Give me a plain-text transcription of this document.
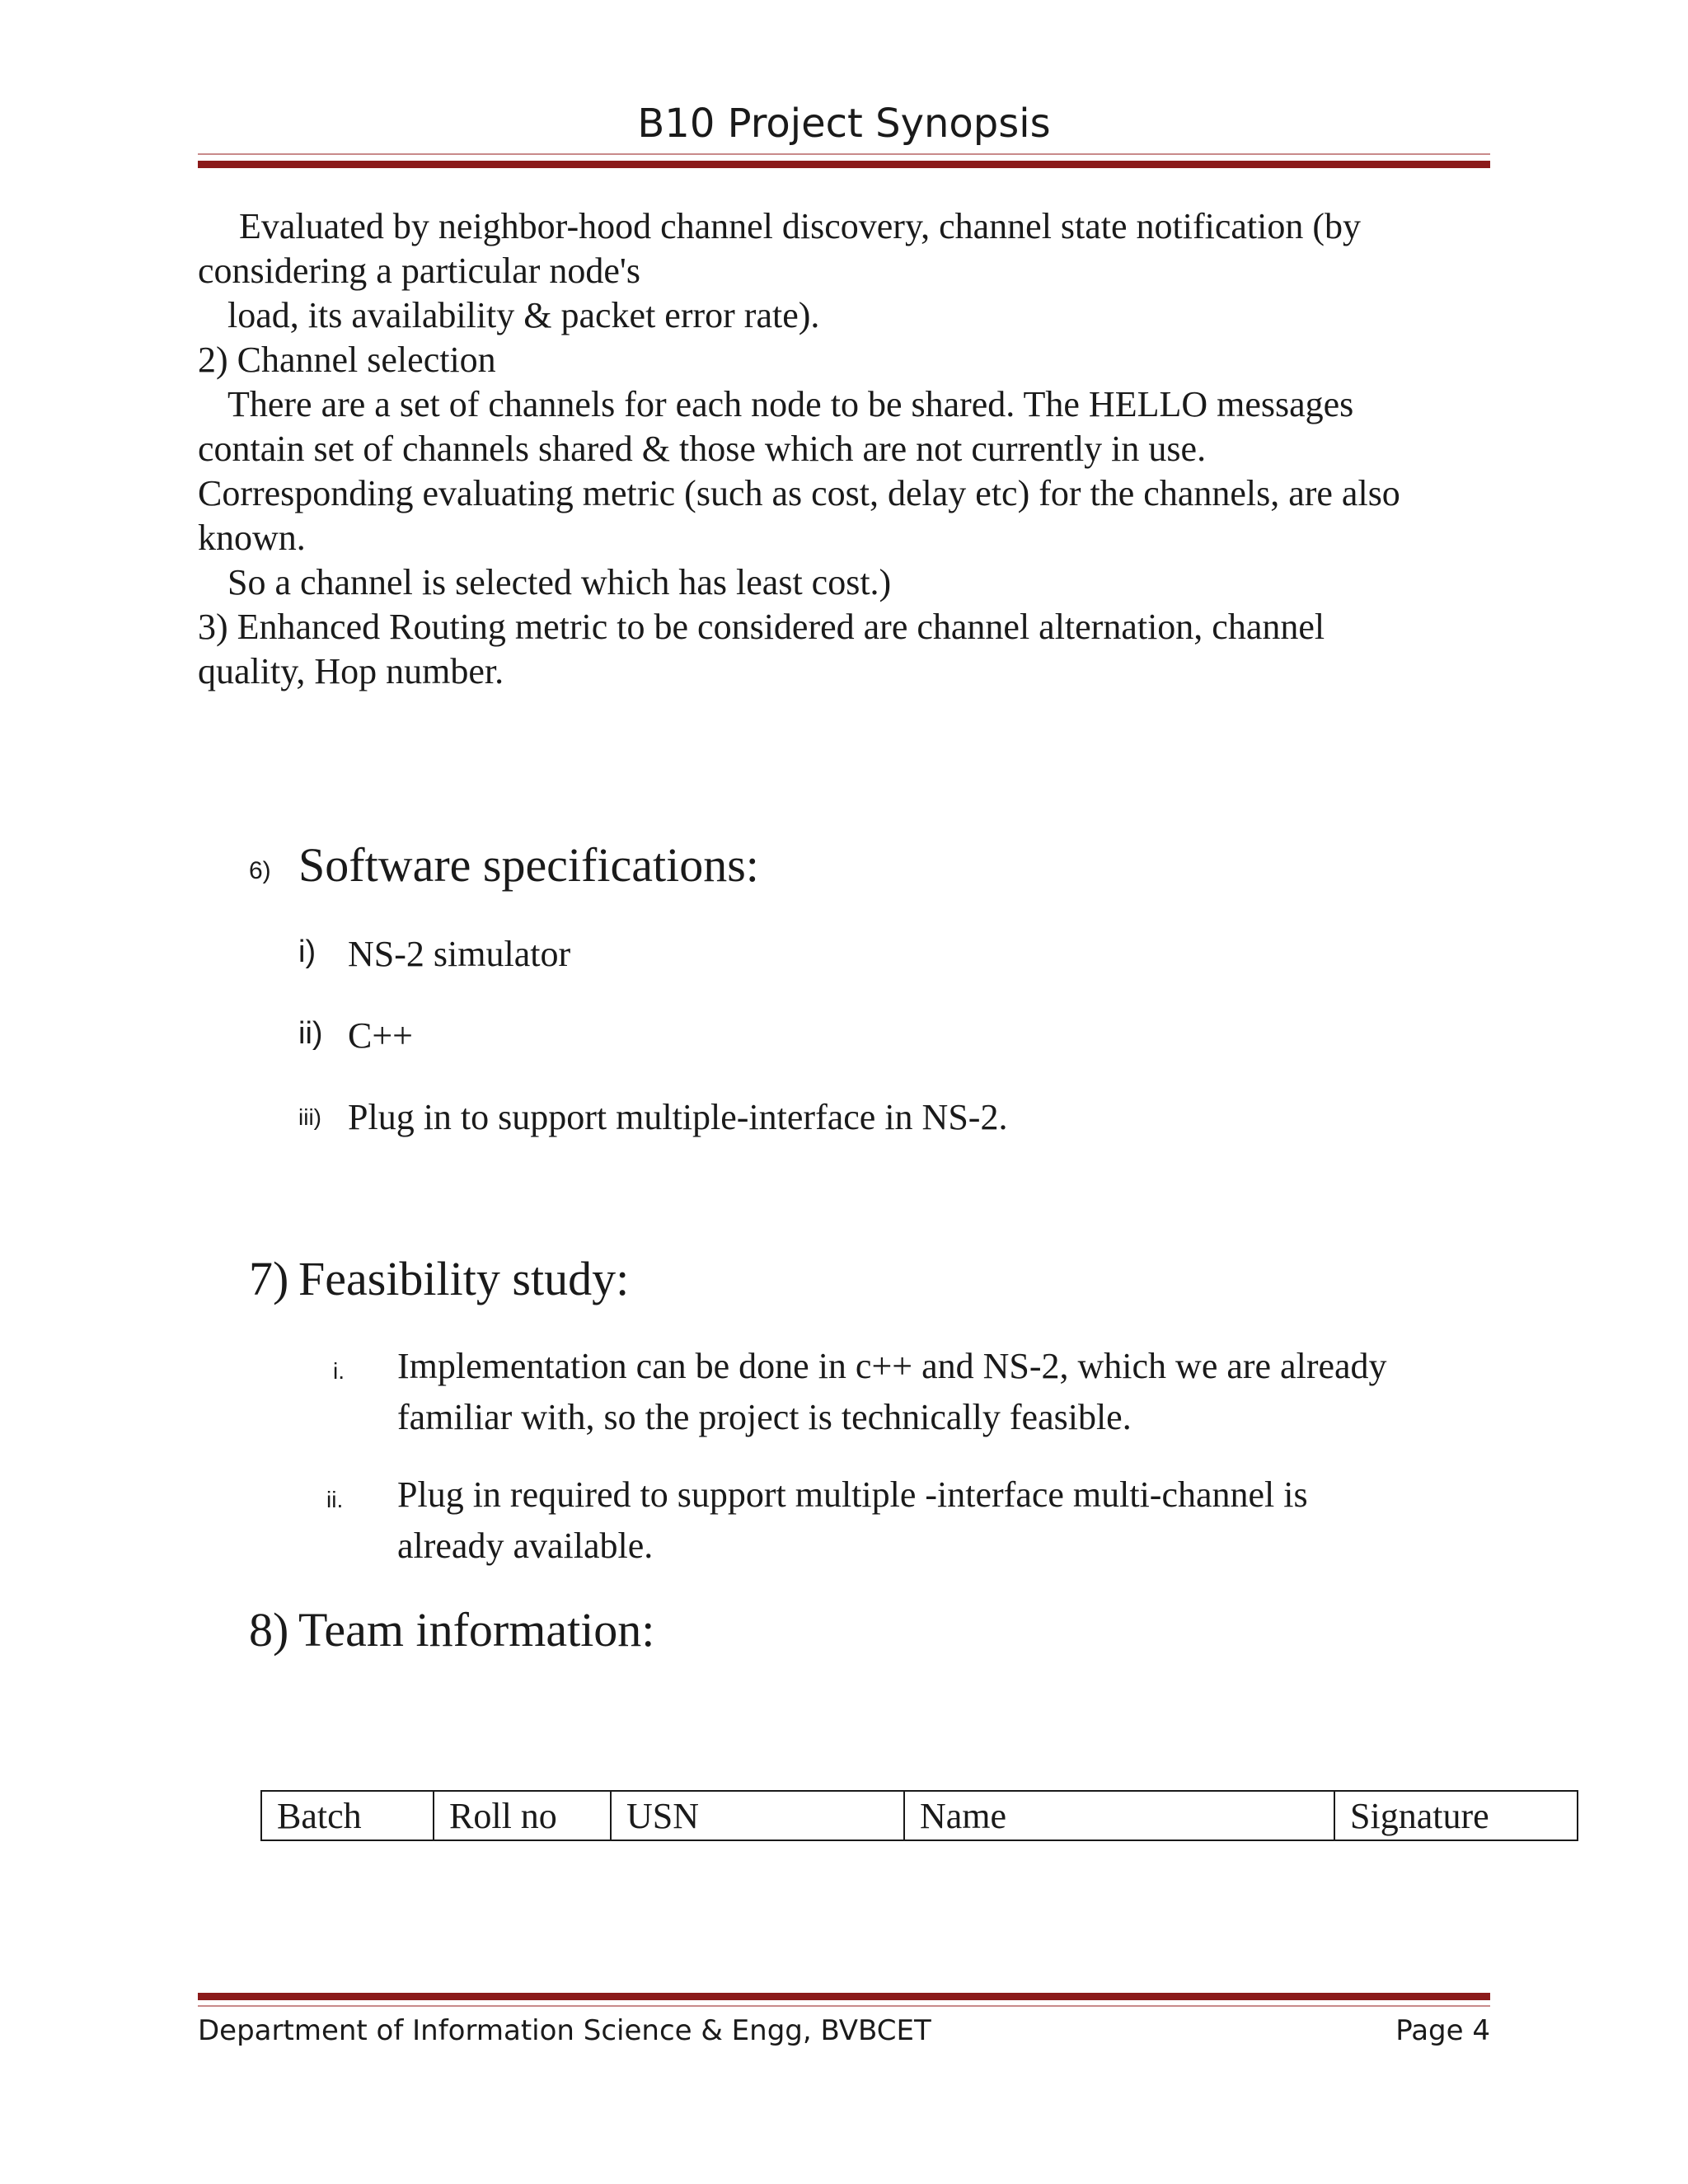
B10 Project Synopsis
Evaluated by neighbor-hood channel discovery, channel state notification (by
considering a particular node's
load, its availability & packet error rate).
2) Channel selection
There are a set of channels for each node to be shared. The HELLO messages
contain set of channels shared & those which are not currently in use.
Corresponding evaluating metric (such as cost, delay etc) for the channels, are also
known.
So a channel is selected which has least cost.)
3) Enhanced Routing metric to be considered are channel alternation, channel
quality, Hop number.
6) Software specifications:
i) NS-2 simulator
ii) C++
iii) Plug in to support multiple-interface in NS-2.
7) Feasibility study:
i. Implementation can be done in c++ and NS-2, which we are already
familiar with, so the project is technically feasible.
ii. Plug in required to support multiple -interface multi-channel is
already available.
8) Team information:
Batch	Roll no	USN	Name	Signature
Department of Information Science & Engg, BVBCET	Page 4
